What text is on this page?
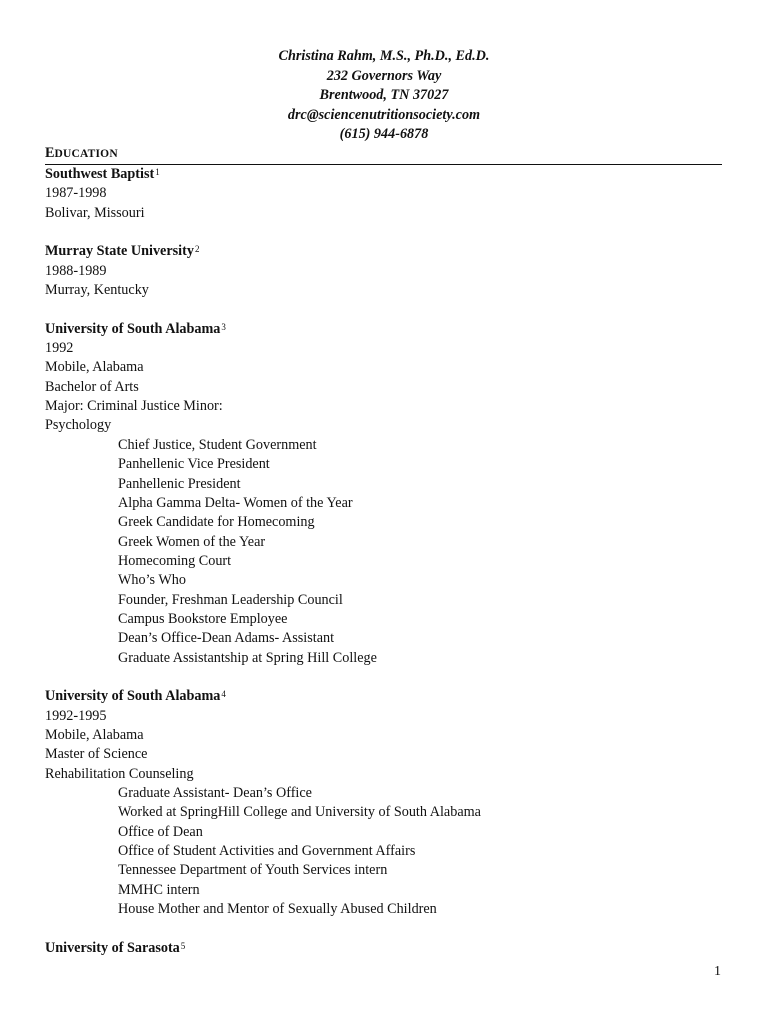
Christina Rahm, M.S., Ph.D., Ed.D.
232 Governors Way
Brentwood, TN 37027
drc@sciencenutritionsociety.com
(615) 944-6878
EDUCATION
Southwest Baptist$^1$
1987-1998
Bolivar, Missouri
Murray State University$^2$
1988-1989
Murray, Kentucky
University of South Alabama$^3$
1992
Mobile, Alabama
Bachelor of Arts
Major: Criminal Justice Minor:
Psychology
Chief Justice, Student Government
Panhellenic Vice President
Panhellenic President
Alpha Gamma Delta- Women of the Year
Greek Candidate for Homecoming
Greek Women of the Year
Homecoming Court
Who’s Who
Founder, Freshman Leadership Council
Campus Bookstore Employee
Dean’s Office-Dean Adams- Assistant
Graduate Assistantship at Spring Hill College
University of South Alabama$^4$
1992-1995
Mobile, Alabama
Master of Science
Rehabilitation Counseling
Graduate Assistant- Dean’s Office
Worked at SpringHill College and University of South Alabama
Office of Dean
Office of Student Activities and Government Affairs
Tennessee Department of Youth Services intern
MMHC intern
House Mother and Mentor of Sexually Abused Children
University of Sarasota$^5$
1
